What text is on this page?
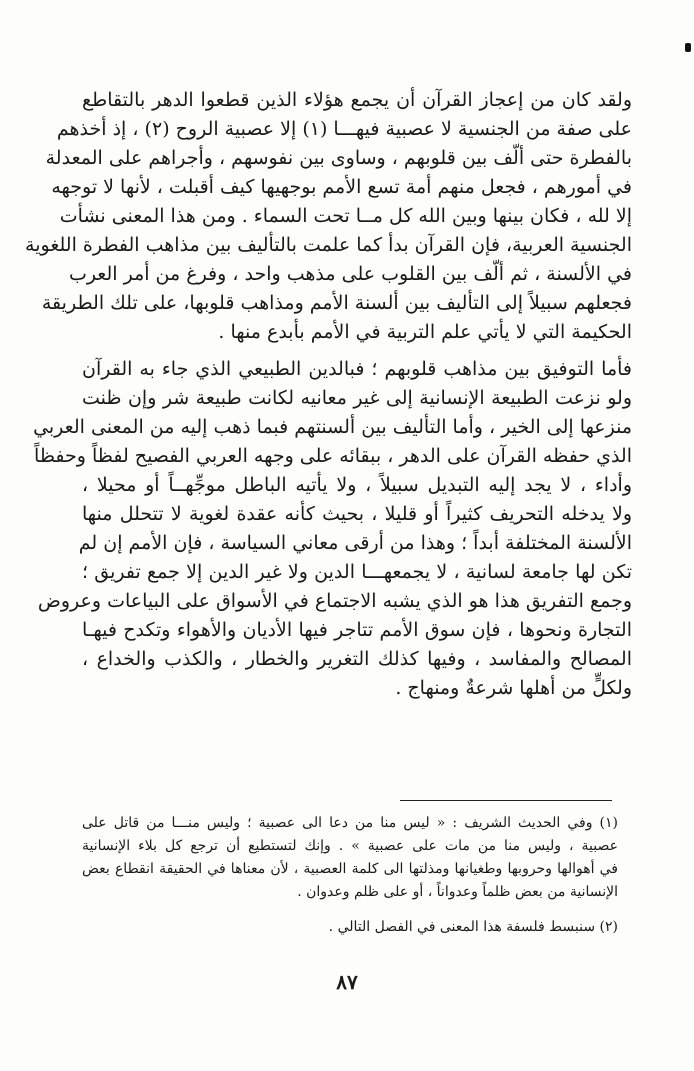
ولقد كان من إعجاز القرآن أن يجمع هؤلاء الذين قطعوا الدهر بالتقاطع
على صفة من الجنسية لا عصبية فيهـــا (١) إلا عصبية الروح (٢) ، إذ أخذهم
بالفطرة حتى ألّف بين قلوبهم ، وساوى بين نفوسهم ، وأجراهم على المعدلة
في أمورهم ، فجعل منهم أمة تسع الأمم بوجهيها كيف أقبلت ، لأنها لا توجهه
إلا لله ، فكان بينها وبين الله كل مــا تحت السماء . ومن هذا المعنى نشأت
الجنسية العربية، فإن القرآن بدأ كما علمت بالتأليف بين مذاهب الفطرة اللغوية
في الألسنة ، ثم ألّف بين القلوب على مذهب واحد ، وفرغ من أمر العرب
فجعلهم سبيلاً إلى التأليف بين ألسنة الأمم ومذاهب قلوبها، على تلك الطريقة
الحكيمة التي لا يأتي علم التربية في الأمم بأبدع منها .

فأما التوفيق بين مذاهب قلوبهم ؛ فبالدين الطبيعي الذي جاء به القرآن
ولو نزعت الطبيعة الإنسانية إلى غير معانيه لكانت طبيعة شر وإن ظنت
منزعها إلى الخير ، وأما التأليف بين ألسنتهم فبما ذهب إليه من المعنى العربي
الذي حفظه القرآن على الدهر ، ببقائه على وجهه العربي الفصيح لفظاً وحفظاً
وأداء ، لا يجد إليه التبديل سبيلاً ، ولا يأتيه الباطل موجِّهــاً أو محيلا ،
ولا يدخله التحريف كثيراً أو قليلا ، بحيث كأنه عقدة لغوية لا تتحلل منها
الألسنة المختلفة أبداً ؛ وهذا من أرقى معاني السياسة ، فإن الأمم إن لم
تكن لها جامعة لسانية ، لا يجمعهـــا الدين ولا غير الدين إلا جمع تفريق ؛
وجمع التفريق هذا هو الذي يشبه الاجتماع في الأسواق على البياعات وعروض
التجارة ونحوها ، فإن سوق الأمم تتاجر فيها الأديان والأهواء وتكدح فيهـا
المصالح والمفاسد ، وفيها كذلك التغرير والخطار ، والكذب والخداع ،
ولكلٍّ من أهلها شرعةٌ ومنهاج .

(١) وفي الحديث الشريف : « ليس منا من دعا الى عصبية ؛ وليس منـــا من قاتل على
عصبية ، وليس منا من مات على عصبية » . وإنك لتستطيع أن ترجع كل بلاء الإنسانية
في أهوالها وحروبها وطغيانها ومذلتها الى كلمة العصبية ، لأن معناها في الحقيقة انقطاع بعض
الإنسانية من بعض ظلماً وعدواناً ، أو على ظلم وعدوان .

(٢) سنبسط فلسفة هذا المعنى في الفصل التالي .

٨٧
